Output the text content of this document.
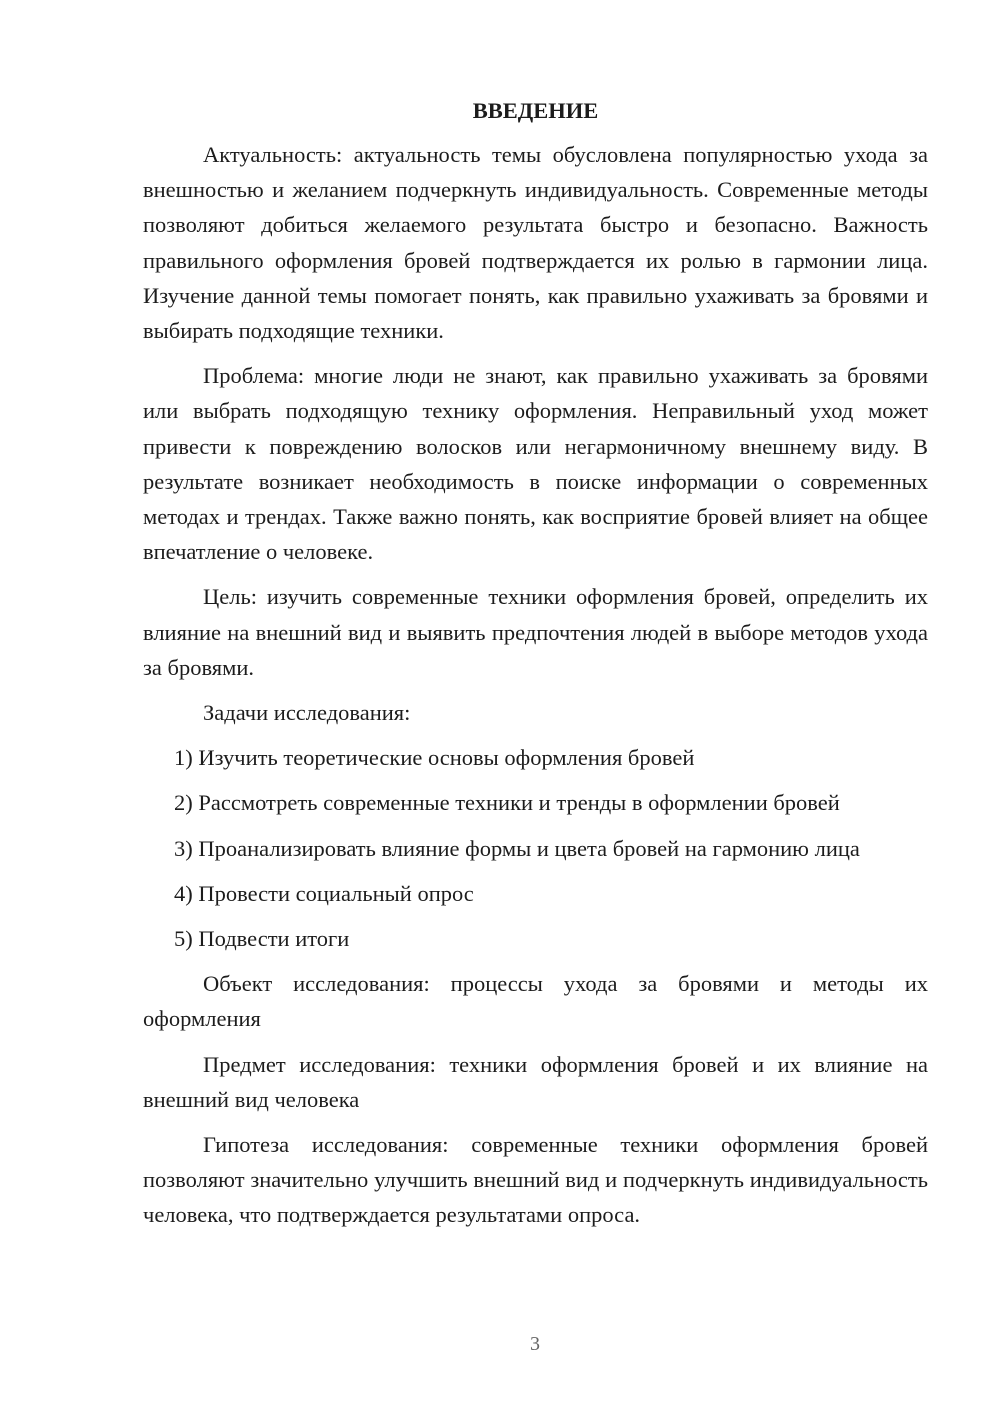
ВВЕДЕНИЕ

Актуальность: актуальность темы обусловлена популярностью ухода за внешностью и желанием подчеркнуть индивидуальность. Современные методы позволяют добиться желаемого результата быстро и безопасно. Важность правильного оформления бровей подтверждается их ролью в гармонии лица. Изучение данной темы помогает понять, как правильно ухаживать за бровями и выбирать подходящие техники.

Проблема: многие люди не знают, как правильно ухаживать за бровями или выбрать подходящую технику оформления. Неправильный уход может привести к повреждению волосков или негармоничному внешнему виду. В результате возникает необходимость в поиске информации о современных методах и трендах. Также важно понять, как восприятие бровей влияет на общее впечатление о человеке.

Цель: изучить современные техники оформления бровей, определить их влияние на внешний вид и выявить предпочтения людей в выборе методов ухода за бровями.

Задачи исследования:

1) Изучить теоретические основы оформления бровей

2) Рассмотреть современные техники и тренды в оформлении бровей

3) Проанализировать влияние формы и цвета бровей на гармонию лица

4) Провести социальный опрос

5) Подвести итоги

Объект исследования: процессы ухода за бровями и методы их оформления

Предмет исследования: техники оформления бровей и их влияние на внешний вид человека

Гипотеза исследования: современные техники оформления бровей позволяют значительно улучшить внешний вид и подчеркнуть индивидуальность человека, что подтверждается результатами опроса.

3
